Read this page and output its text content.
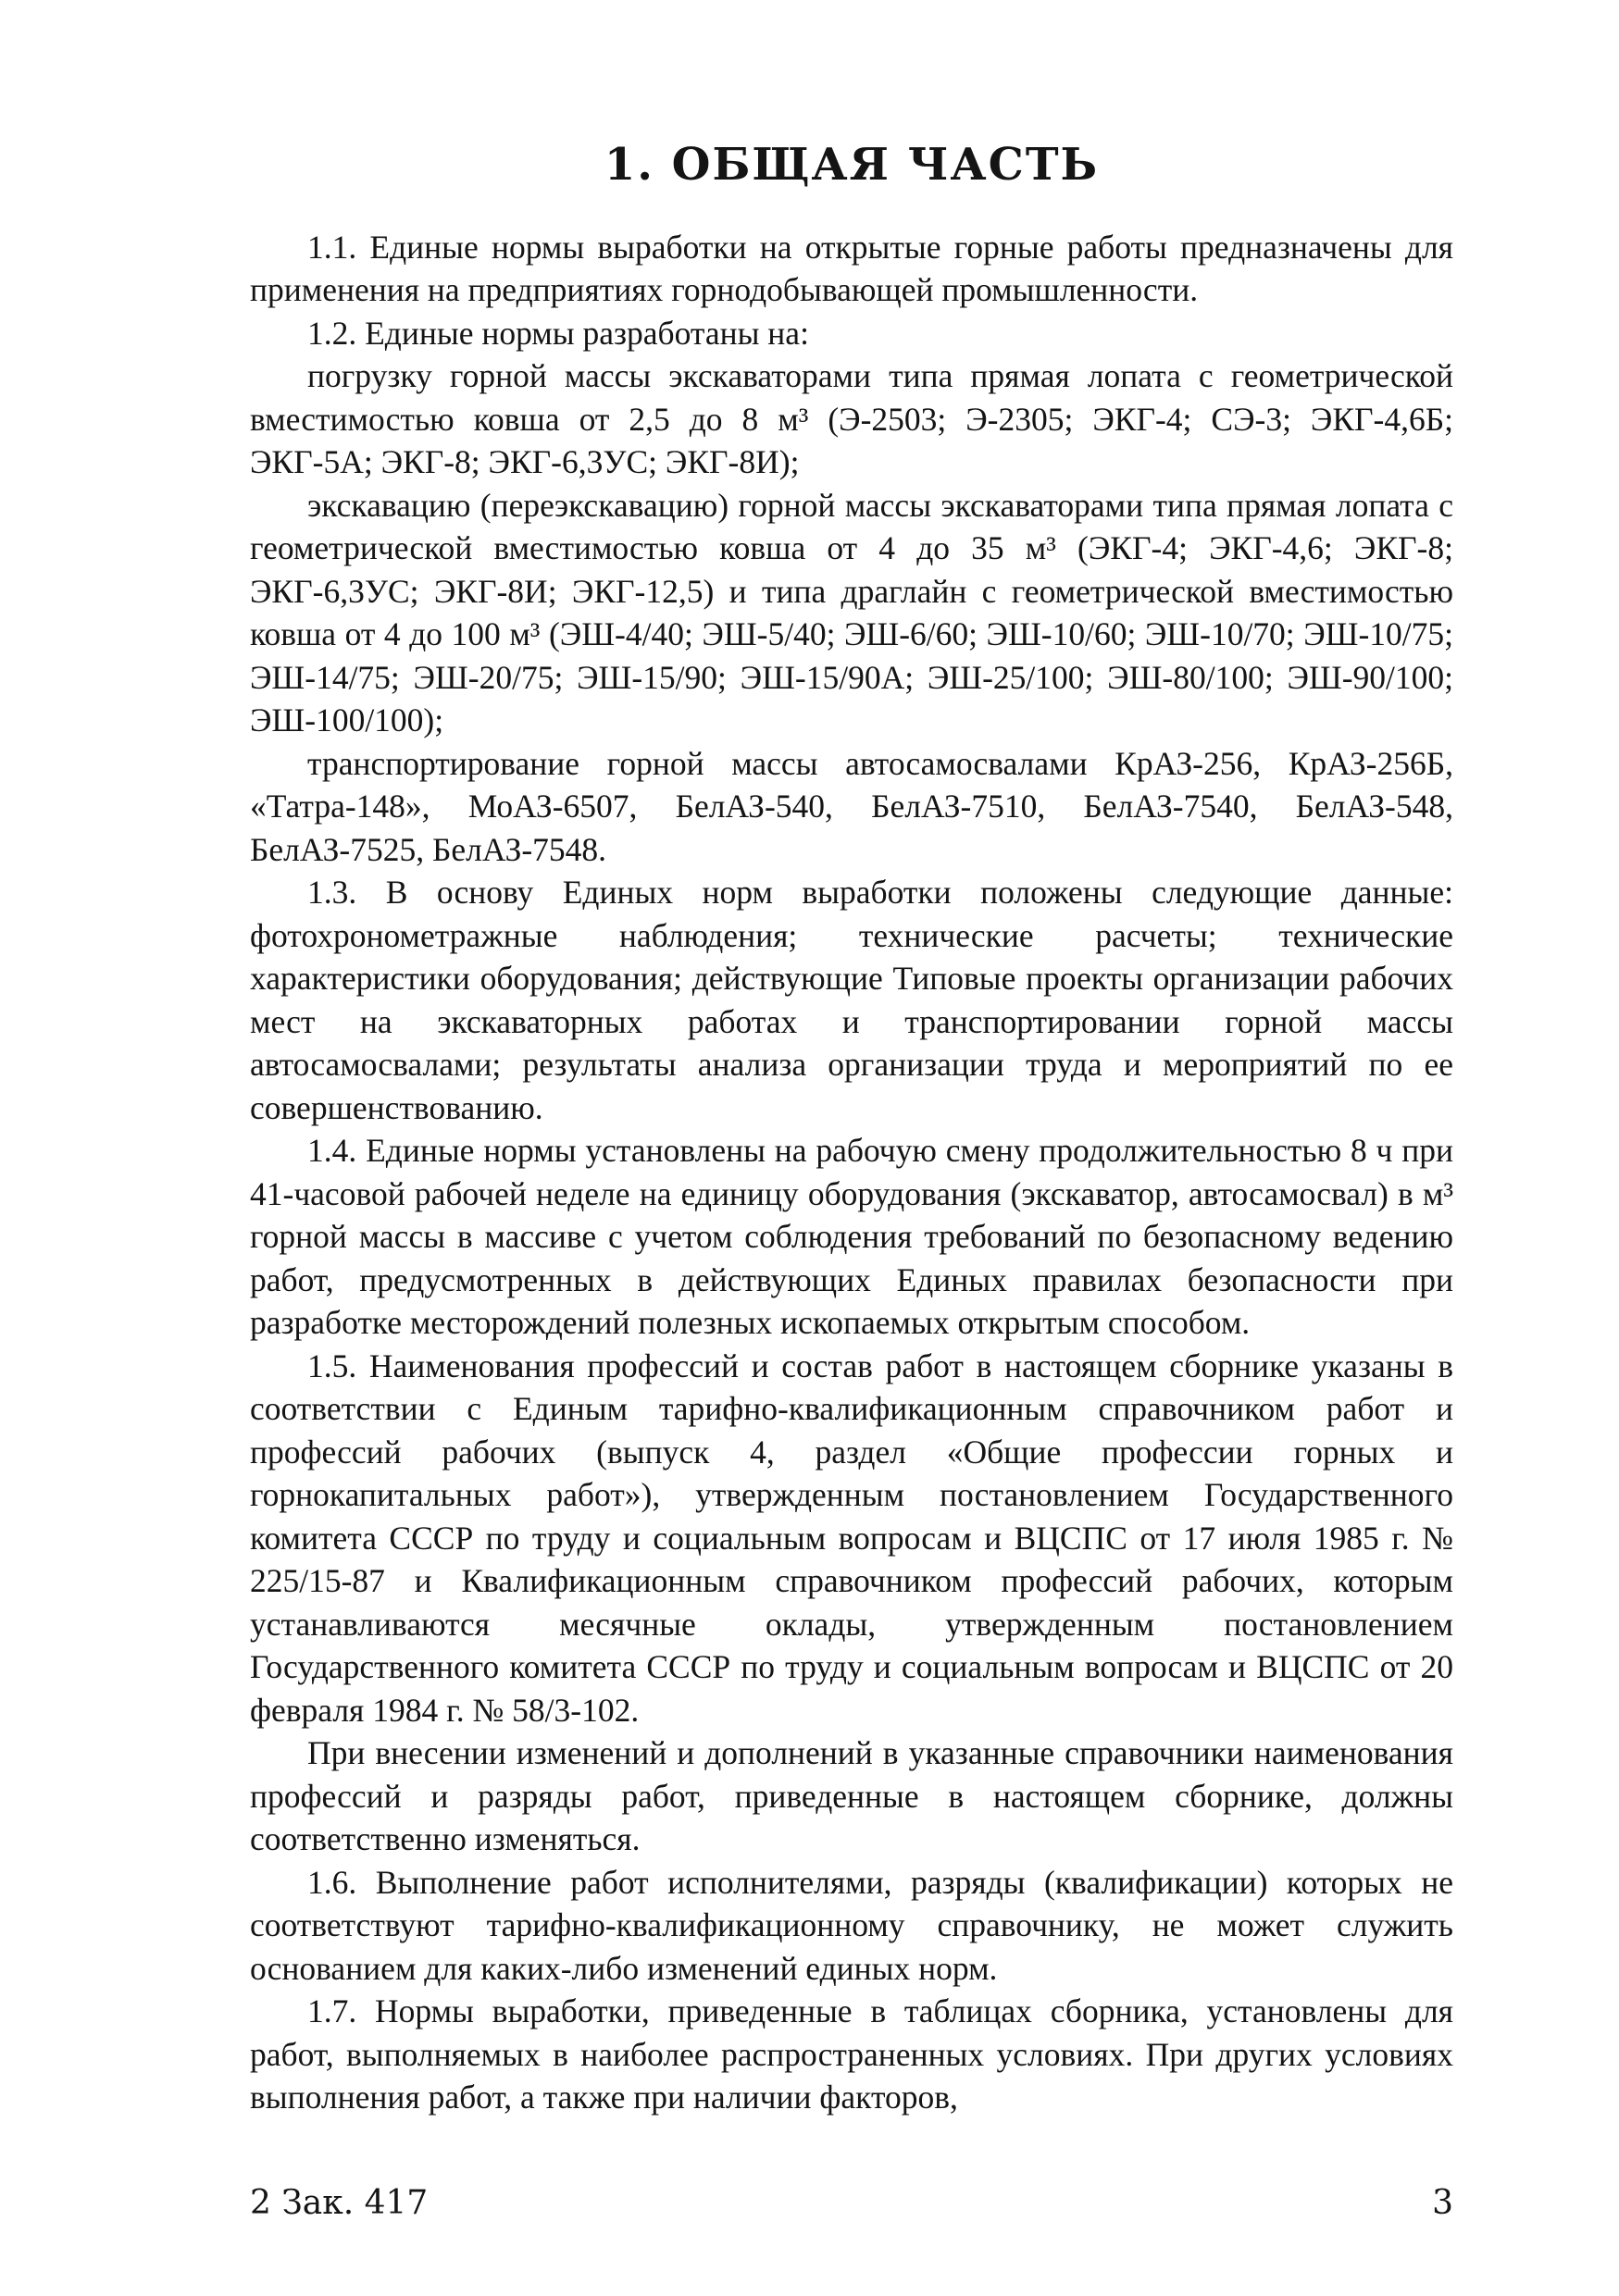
1. ОБЩАЯ ЧАСТЬ

1.1. Единые нормы выработки на открытые горные работы предназначены для применения на предприятиях горнодобывающей промышленности.

1.2. Единые нормы разработаны на:

погрузку горной массы экскаваторами типа прямая лопата с геометрической вместимостью ковша от 2,5 до 8 м³ (Э-2503; Э-2305; ЭКГ-4; СЭ-3; ЭКГ-4,6Б; ЭКГ-5А; ЭКГ-8; ЭКГ-6,3УС; ЭКГ-8И);

экскавацию (переэкскавацию) горной массы экскаваторами типа прямая лопата с геометрической вместимостью ковша от 4 до 35 м³ (ЭКГ-4; ЭКГ-4,6; ЭКГ-8; ЭКГ-6,3УС; ЭКГ-8И; ЭКГ-12,5) и типа драглайн с геометрической вместимостью ковша от 4 до 100 м³ (ЭШ-4/40; ЭШ-5/40; ЭШ-6/60; ЭШ-10/60; ЭШ-10/70; ЭШ-10/75; ЭШ-14/75; ЭШ-20/75; ЭШ-15/90; ЭШ-15/90А; ЭШ-25/100; ЭШ-80/100; ЭШ-90/100; ЭШ-100/100);

транспортирование горной массы автосамосвалами КрАЗ-256, КрАЗ-256Б, «Татра-148», МоАЗ-6507, БелАЗ-540, БелАЗ-7510, БелАЗ-7540, БелАЗ-548, БелАЗ-7525, БелАЗ-7548.

1.3. В основу Единых норм выработки положены следующие данные: фотохронометражные наблюдения; технические расчеты; технические характеристики оборудования; действующие Типовые проекты организации рабочих мест на экскаваторных работах и транспортировании горной массы автосамосвалами; результаты анализа организации труда и мероприятий по ее совершенствованию.

1.4. Единые нормы установлены на рабочую смену продолжительностью 8 ч при 41-часовой рабочей неделе на единицу оборудования (экскаватор, автосамосвал) в м³ горной массы в массиве с учетом соблюдения требований по безопасному ведению работ, предусмотренных в действующих Единых правилах безопасности при разработке месторождений полезных ископаемых открытым способом.

1.5. Наименования профессий и состав работ в настоящем сборнике указаны в соответствии с Единым тарифно-квалификационным справочником работ и профессий рабочих (выпуск 4, раздел «Общие профессии горных и горнокапитальных работ»), утвержденным постановлением Государственного комитета СССР по труду и социальным вопросам и ВЦСПС от 17 июля 1985 г. № 225/15-87 и Квалификационным справочником профессий рабочих, которым устанавливаются месячные оклады, утвержденным постановлением Государственного комитета СССР по труду и социальным вопросам и ВЦСПС от 20 февраля 1984 г. № 58/3-102.

При внесении изменений и дополнений в указанные справочники наименования профессий и разряды работ, приведенные в настоящем сборнике, должны соответственно изменяться.

1.6. Выполнение работ исполнителями, разряды (квалификации) которых не соответствуют тарифно-квалификационному справочнику, не может служить основанием для каких-либо изменений единых норм.

1.7. Нормы выработки, приведенные в таблицах сборника, установлены для работ, выполняемых в наиболее распространенных условиях. При других условиях выполнения работ, а также при наличии факторов,

2 Зак. 417	3
